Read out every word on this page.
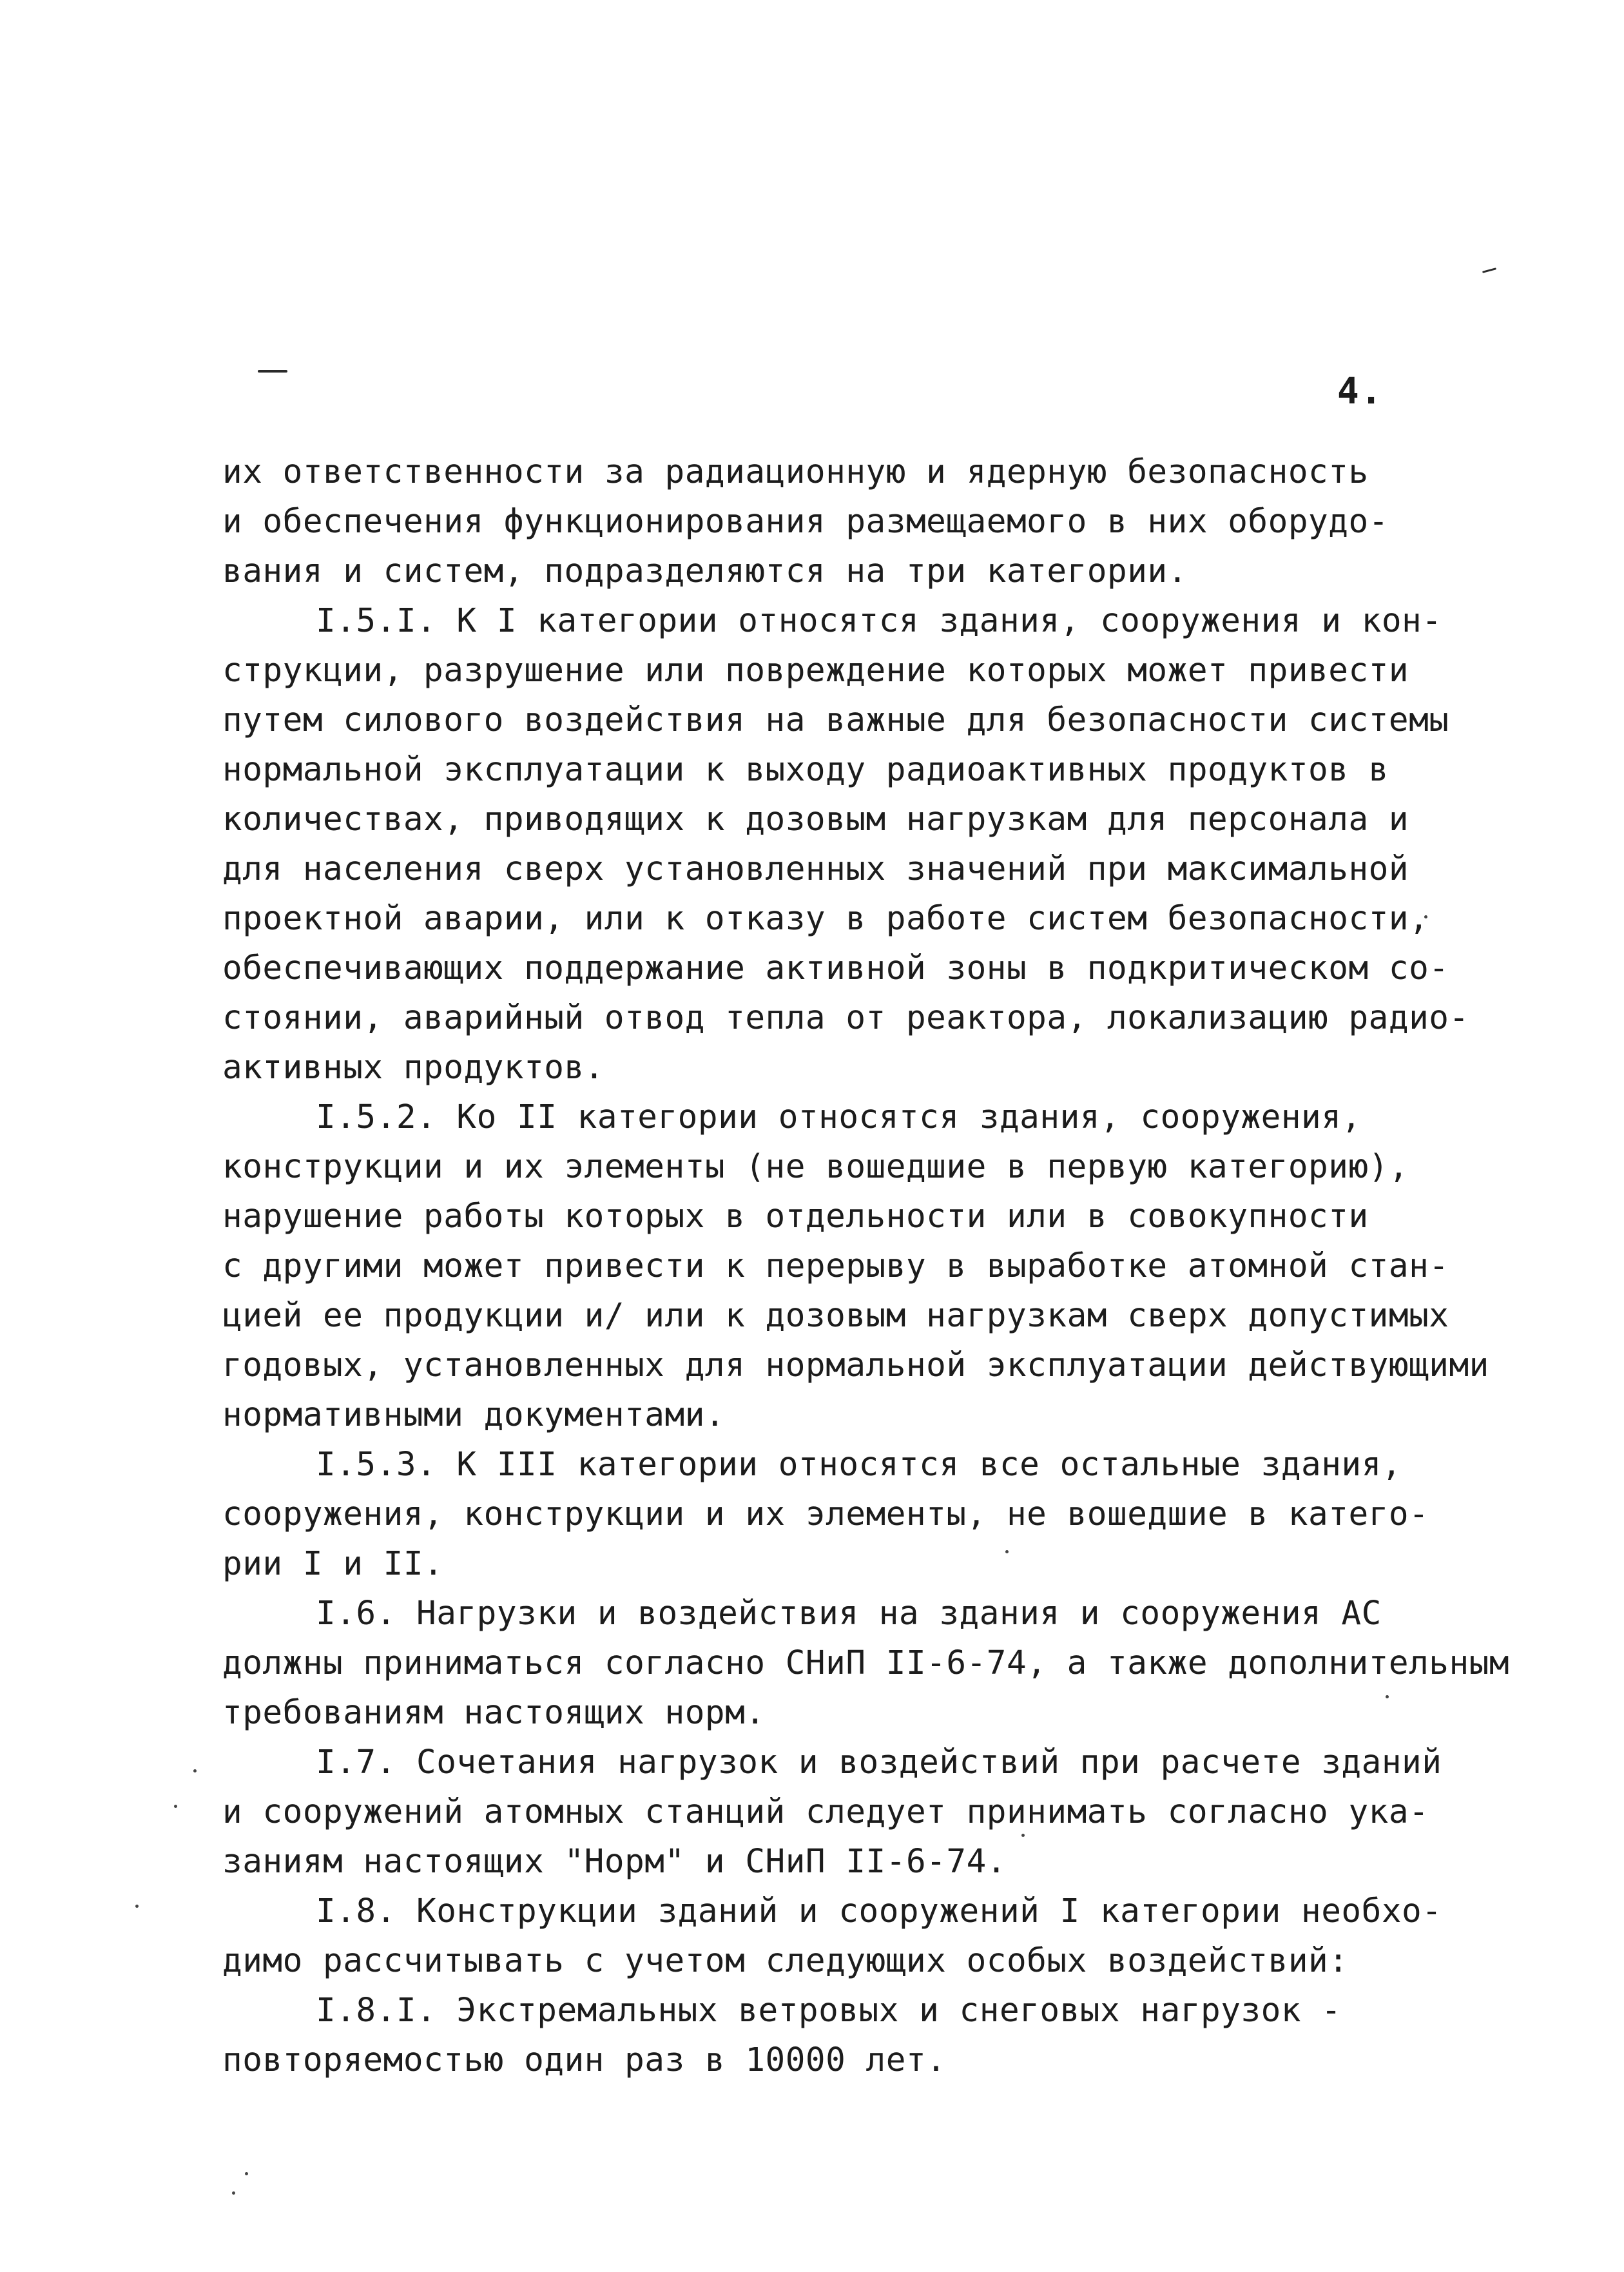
4.
их ответственности за радиационную и ядерную безопасность
и обеспечения функционирования размещаемого в них оборудо-
вания и систем, подразделяются на три категории.
I.5.I. К I категории относятся здания, сооружения и кон-
струкции, разрушение или повреждение которых может привести
путем силового воздействия на важные для безопасности системы
нормальной эксплуатации к выходу радиоактивных продуктов в
количествах, приводящих к дозовым нагрузкам для персонала и
для населения сверх установленных значений при максимальной
проектной аварии, или к отказу в работе систем безопасности,
обеспечивающих поддержание активной зоны в подкритическом со-
стоянии, аварийный отвод тепла от реактора, локализацию радио-
активных продуктов.
I.5.2. Ко II категории относятся здания, сооружения,
конструкции и их элементы (не вошедшие в первую категорию),
нарушение работы которых в отдельности или в совокупности
с другими может привести к перерыву в выработке атомной стан-
цией ее продукции и/ или к дозовым нагрузкам сверх допустимых
годовых, установленных для нормальной эксплуатации действующими
нормативными документами.
I.5.3. К III категории относятся все остальные здания,
сооружения, конструкции и их элементы, не вошедшие в катего-
рии I и II.
I.6. Нагрузки и воздействия на здания и сооружения АС
должны приниматься согласно СНиП II-6-74, а также дополнительным
требованиям настоящих норм.
I.7. Сочетания нагрузок и воздействий при расчете зданий
и сооружений атомных станций следует принимать согласно ука-
заниям настоящих "Норм" и СНиП II-6-74.
I.8. Конструкции зданий и сооружений I категории необхо-
димо рассчитывать с учетом следующих особых воздействий:
I.8.I. Экстремальных ветровых и снеговых нагрузок -
повторяемостью один раз в 10000 лет.
